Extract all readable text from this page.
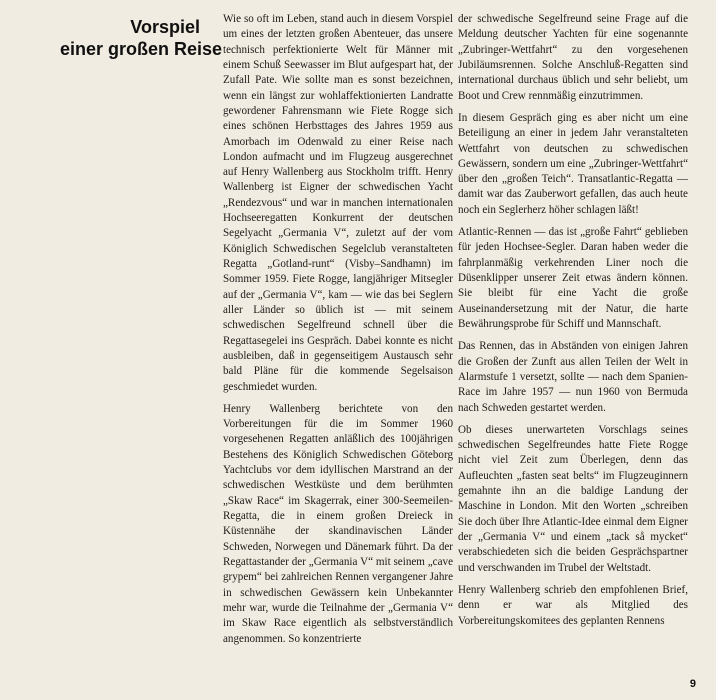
Vorspiel
einer großen Reise

Wie so oft im Leben, stand auch in diesem Vorspiel um eines der letzten großen Abenteuer, das unsere technisch perfektionierte Welt für Männer mit einem Schuß Seewasser im Blut aufgespart hat, der Zufall Pate. Wie sollte man es sonst bezeichnen, wenn ein längst zur wohlaffektionierten Landratte gewordener Fahrensmann wie Fiete Rogge sich eines schönen Herbsttages des Jahres 1959 aus Amorbach im Odenwald zu einer Reise nach London aufmacht und im Flugzeug ausgerechnet auf Henry Wallenberg aus Stockholm trifft. Henry Wallenberg ist Eigner der schwedischen Yacht „Rendezvous“ und war in manchen internationalen Hochseeregatten Konkurrent der deutschen Segelyacht „Germania V“, zuletzt auf der vom Königlich Schwedischen Segelclub veranstalteten Regatta „Gotland-runt“ (Visby–Sandhamn) im Sommer 1959. Fiete Rogge, langjähriger Mitsegler auf der „Germania V“, kam — wie das bei Seglern aller Länder so üblich ist — mit seinem schwedischen Segelfreund schnell über die Regattasegelei ins Gespräch. Dabei konnte es nicht ausbleiben, daß in gegenseitigem Austausch sehr bald Pläne für die kommende Segelsaison geschmiedet wurden.

Henry Wallenberg berichtete von den Vorbereitungen für die im Sommer 1960 vorgesehenen Regatten anläßlich des 100jährigen Bestehens des Königlich Schwedischen Göteborg Yachtclubs vor dem idyllischen Marstrand an der schwedischen Westküste und dem berühmten „Skaw Race“ im Skagerrak, einer 300-Seemeilen-Regatta, die in einem großen Dreieck in Küstennähe der skandinavischen Länder Schweden, Norwegen und Dänemark führt. Da der Regattastander der „Germania V“ mit seinem „cave grypem“ bei zahlreichen Rennen vergangener Jahre in schwedischen Gewässern kein Unbekannter mehr war, wurde die Teilnahme der „Germania V“ im Skaw Race eigentlich als selbstverständlich angenommen. So konzentrierte

der schwedische Segelfreund seine Frage auf die Meldung deutscher Yachten für eine sogenannte „Zubringer-Wettfahrt“ zu den vorgesehenen Jubiläumsrennen. Solche Anschluß-Regatten sind international durchaus üblich und sehr beliebt, um Boot und Crew rennmäßig einzutrimmen.

In diesem Gespräch ging es aber nicht um eine Beteiligung an einer in jedem Jahr veranstalteten Wettfahrt von deutschen zu schwedischen Gewässern, sondern um eine „Zubringer-Wettfahrt“ über den „großen Teich“. Transatlantic-Regatta — damit war das Zauberwort gefallen, das auch heute noch ein Seglerherz höher schlagen läßt!

Atlantic-Rennen — das ist „große Fahrt“ geblieben für jeden Hochsee-Segler. Daran haben weder die fahrplanmäßig verkehrenden Liner noch die Düsenklipper unserer Zeit etwas ändern können. Sie bleibt für eine Yacht die große Auseinandersetzung mit der Natur, die harte Bewährungsprobe für Schiff und Mannschaft.

Das Rennen, das in Abständen von einigen Jahren die Großen der Zunft aus allen Teilen der Welt in Alarmstufe 1 versetzt, sollte — nach dem Spanien-Race im Jahre 1957 — nun 1960 von Bermuda nach Schweden gestartet werden.

Ob dieses unerwarteten Vorschlags seines schwedischen Segelfreundes hatte Fiete Rogge nicht viel Zeit zum Überlegen, denn das Aufleuchten „fasten seat belts“ im Flugzeuginnern gemahnte ihn an die baldige Landung der Maschine in London. Mit den Worten „schreiben Sie doch über Ihre Atlantic-Idee einmal dem Eigner der „Germania V“ und einem „tack så mycket“ verabschiedeten sich die beiden Gesprächspartner und verschwanden im Trubel der Weltstadt.

Henry Wallenberg schrieb den empfohlenen Brief, denn er war als Mitglied des Vorbereitungskomitees des geplanten Rennens

9
